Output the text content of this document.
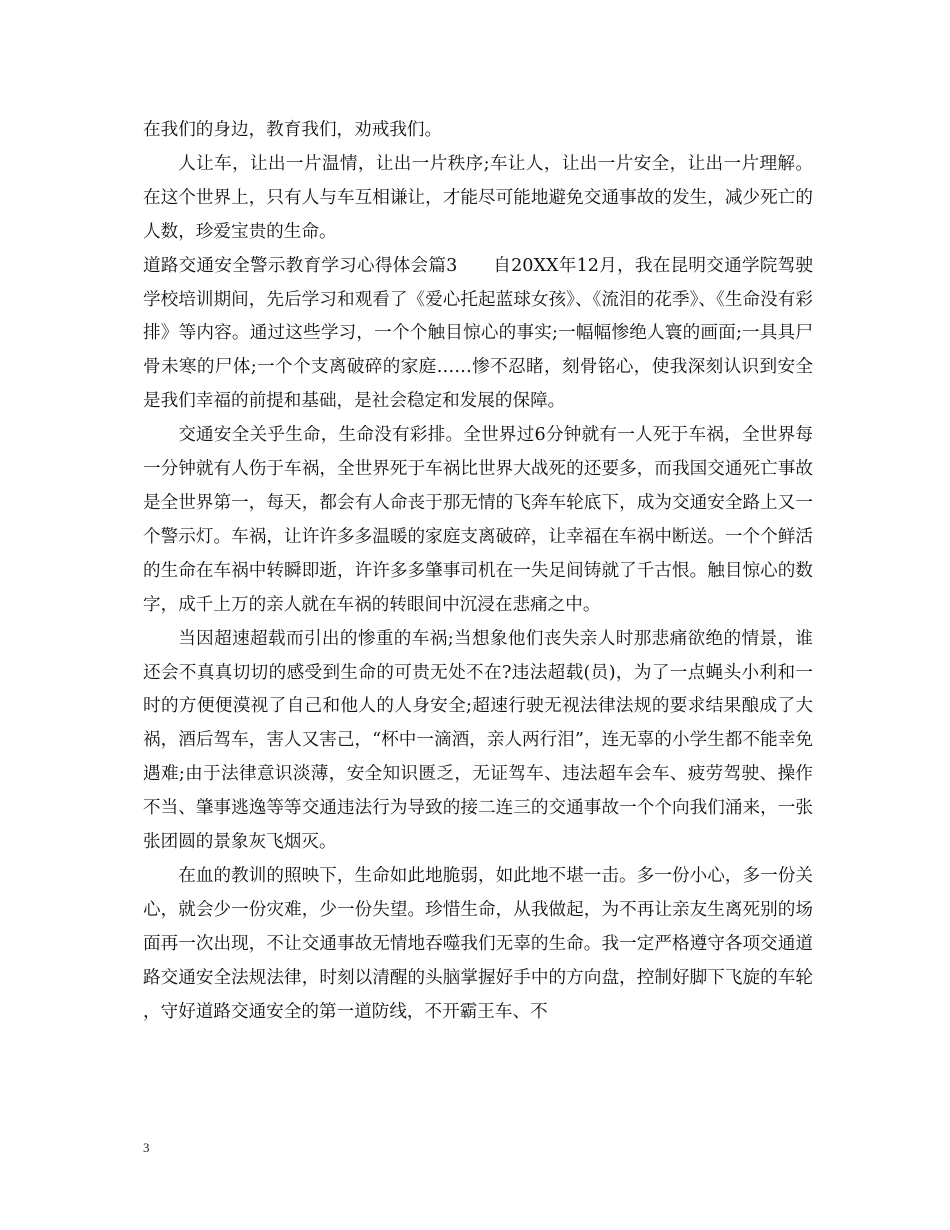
在我们的身边，教育我们，劝戒我们。

人让车，让出一片温情，让出一片秩序;车让人，让出一片安全，让出一片理解。在这个世界上，只有人与车互相谦让，才能尽可能地避免交通事故的发生，减少死亡的人数，珍爱宝贵的生命。

道路交通安全警示教育学习心得体会篇3　　自20XX年12月，我在昆明交通学院驾驶学校培训期间，先后学习和观看了《爱心托起蓝球女孩》、《流泪的花季》、《生命没有彩排》等内容。通过这些学习，一个个触目惊心的事实;一幅幅惨绝人寰的画面;一具具尸骨未寒的尸体;一个个支离破碎的家庭……惨不忍睹，刻骨铭心，使我深刻认识到安全是我们幸福的前提和基础，是社会稳定和发展的保障。

交通安全关乎生命，生命没有彩排。全世界过6分钟就有一人死于车祸，全世界每一分钟就有人伤于车祸，全世界死于车祸比世界大战死的还要多，而我国交通死亡事故是全世界第一，每天，都会有人命丧于那无情的飞奔车轮底下，成为交通安全路上又一个警示灯。车祸，让许许多多温暖的家庭支离破碎，让幸福在车祸中断送。一个个鲜活的生命在车祸中转瞬即逝，许许多多肇事司机在一失足间铸就了千古恨。触目惊心的数字，成千上万的亲人就在车祸的转眼间中沉浸在悲痛之中。

当因超速超载而引出的惨重的车祸;当想象他们丧失亲人时那悲痛欲绝的情景，谁还会不真真切切的感受到生命的可贵无处不在?违法超载(员)，为了一点蝇头小利和一时的方便便漠视了自己和他人的人身安全;超速行驶无视法律法规的要求结果酿成了大祸，酒后驾车，害人又害己，“杯中一滴酒，亲人两行泪”，连无辜的小学生都不能幸免遇难;由于法律意识淡薄，安全知识匮乏，无证驾车、违法超车会车、疲劳驾驶、操作不当、肇事逃逸等等交通违法行为导致的接二连三的交通事故一个个向我们涌来，一张张团圆的景象灰飞烟灭。

在血的教训的照映下，生命如此地脆弱，如此地不堪一击。多一份小心，多一份关心，就会少一份灾难，少一份失望。珍惜生命，从我做起，为不再让亲友生离死别的场面再一次出现，不让交通事故无情地吞噬我们无辜的生命。我一定严格遵守各项交通道路交通安全法规法律，时刻以清醒的头脑掌握好手中的方向盘，控制好脚下飞旋的车轮，守好道路交通安全的第一道防线，不开霸王车、不

3
